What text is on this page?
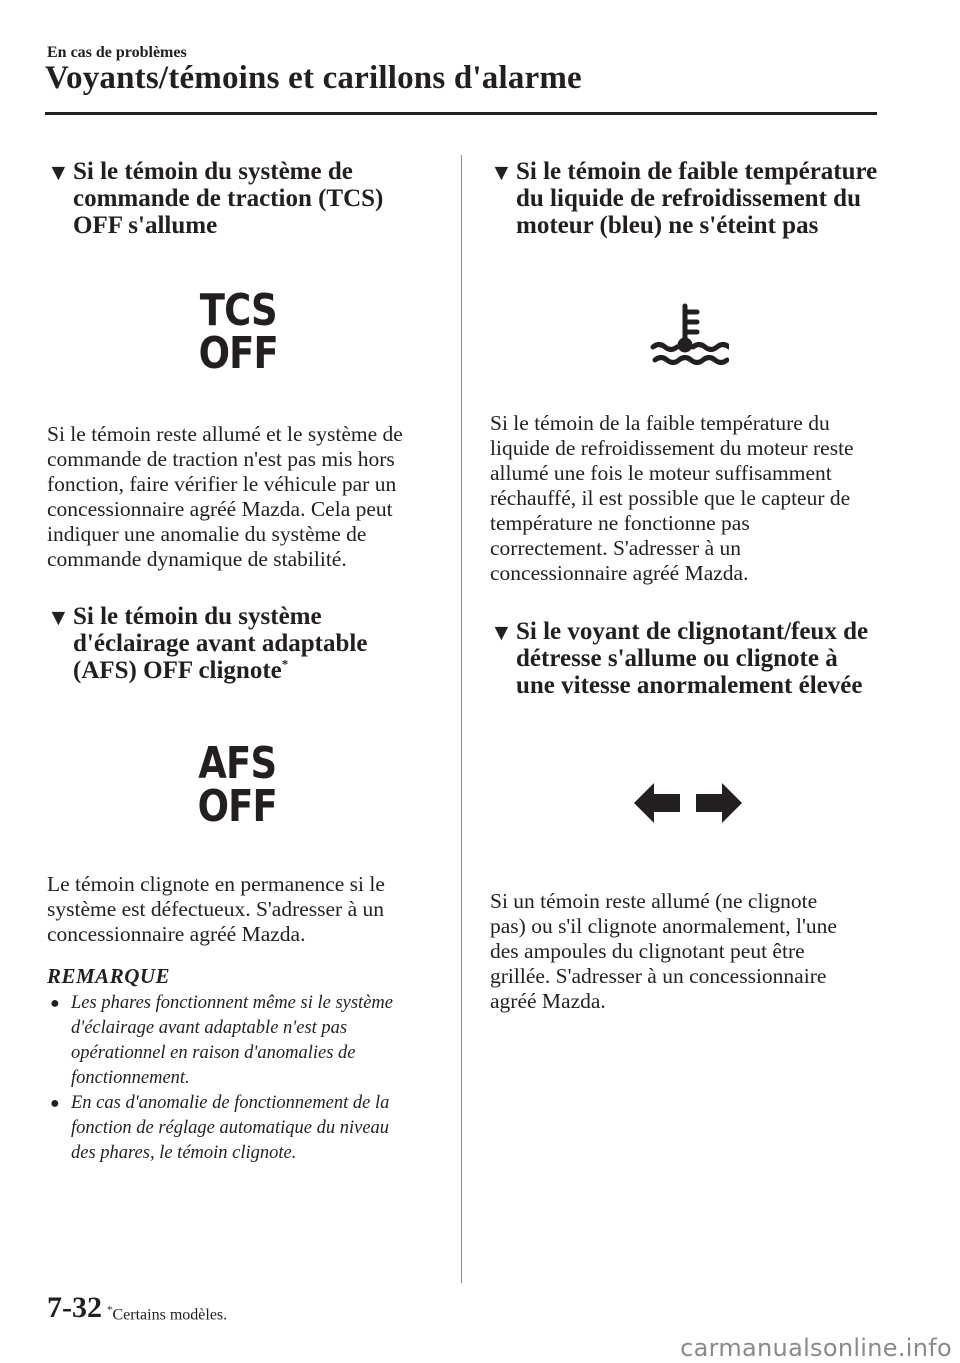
En cas de problèmes
Voyants/témoins et carillons d'alarme
▼ Si le témoin du système de
commande de traction (TCS)
OFF s'allume
TCS
OFF

Si le témoin reste allumé et le système de
commande de traction n'est pas mis hors
fonction, faire vérifier le véhicule par un
concessionnaire agréé Mazda. Cela peut
indiquer une anomalie du système de
commande dynamique de stabilité.

▼ Si le témoin du système
d'éclairage avant adaptable
(AFS) OFF clignote*
AFS
OFF

Le témoin clignote en permanence si le
système est défectueux. S'adresser à un
concessionnaire agréé Mazda.

REMARQUE

● Les phares fonctionnent même si le système
d'éclairage avant adaptable n'est pas
opérationnel en raison d'anomalies de
fonctionnement.
● En cas d'anomalie de fonctionnement de la
fonction de réglage automatique du niveau
des phares, le témoin clignote.
▼ Si le témoin de faible température
du liquide de refroidissement du
moteur (bleu) ne s'éteint pas

Si le témoin de la faible température du
liquide de refroidissement du moteur reste
allumé une fois le moteur suffisamment
réchauffé, il est possible que le capteur de
température ne fonctionne pas
correctement. S'adresser à un
concessionnaire agréé Mazda.

▼ Si le voyant de clignotant/feux de
détresse s'allume ou clignote à
une vitesse anormalement élevée

Si un témoin reste allumé (ne clignote
pas) ou s'il clignote anormalement, l'une
des ampoules du clignotant peut être
grillée. S'adresser à un concessionnaire
agréé Mazda.

7-32 *Certains modèles.
carmanualsonline.info
